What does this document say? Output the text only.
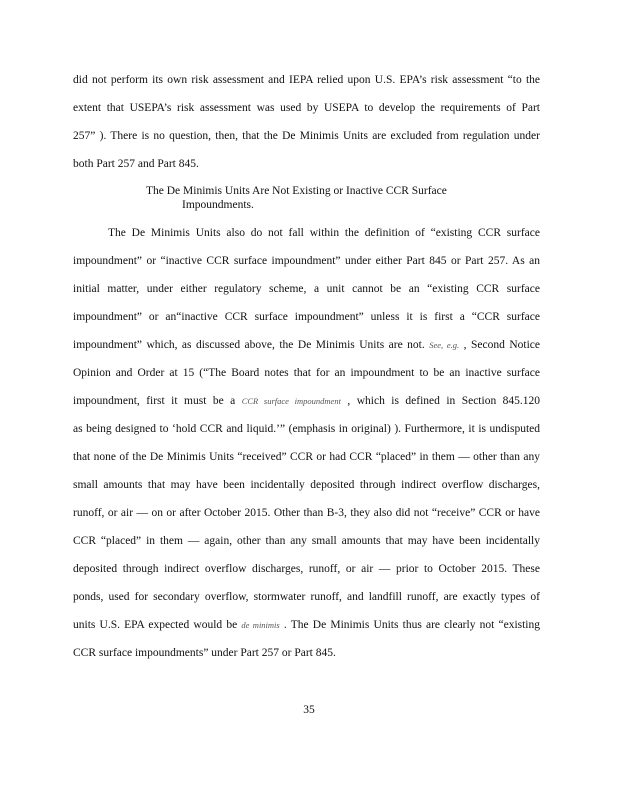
did not perform its own risk assessment and IEPA relied upon U.S. EPA’s risk assessment “to the
extent that USEPA’s risk assessment was used by USEPA to develop the requirements of Part
257” ). There is no question, then, that the De Minimis Units are excluded from regulation under
both Part 257 and Part 845.
The De Minimis Units Are Not Existing or Inactive CCR Surface
Impoundments.
The De Minimis Units also do not fall within the definition of “existing CCR surface
impoundment” or “inactive CCR surface impoundment” under either Part 845 or Part 257. As an
initial matter, under either regulatory scheme, a unit cannot be an “existing CCR surface
impoundment” or an“inactive CCR surface impoundment” unless it is first a “CCR surface
impoundment” which, as discussed above, the De Minimis Units are not. See, e.g. , Second Notice
Opinion and Order at 15 (“The Board notes that for an impoundment to be an inactive surface
impoundment, first it must be a CCR surface impoundment , which is defined in Section 845.120
as being designed to ‘hold CCR and liquid.’” (emphasis in original) ). Furthermore, it is undisputed
that none of the De Minimis Units “received” CCR or had CCR “placed” in them — other than any
small amounts that may have been incidentally deposited through indirect overflow discharges,
runoff, or air — on or after October 2015. Other than B-3, they also did not “receive” CCR or have
CCR “placed” in them — again, other than any small amounts that may have been incidentally
deposited through indirect overflow discharges, runoff, or air — prior to October 2015. These
ponds, used for secondary overflow, stormwater runoff, and landfill runoff, are exactly types of
units U.S. EPA expected would be de minimis . The De Minimis Units thus are clearly not “existing
CCR surface impoundments” under Part 257 or Part 845.
35
